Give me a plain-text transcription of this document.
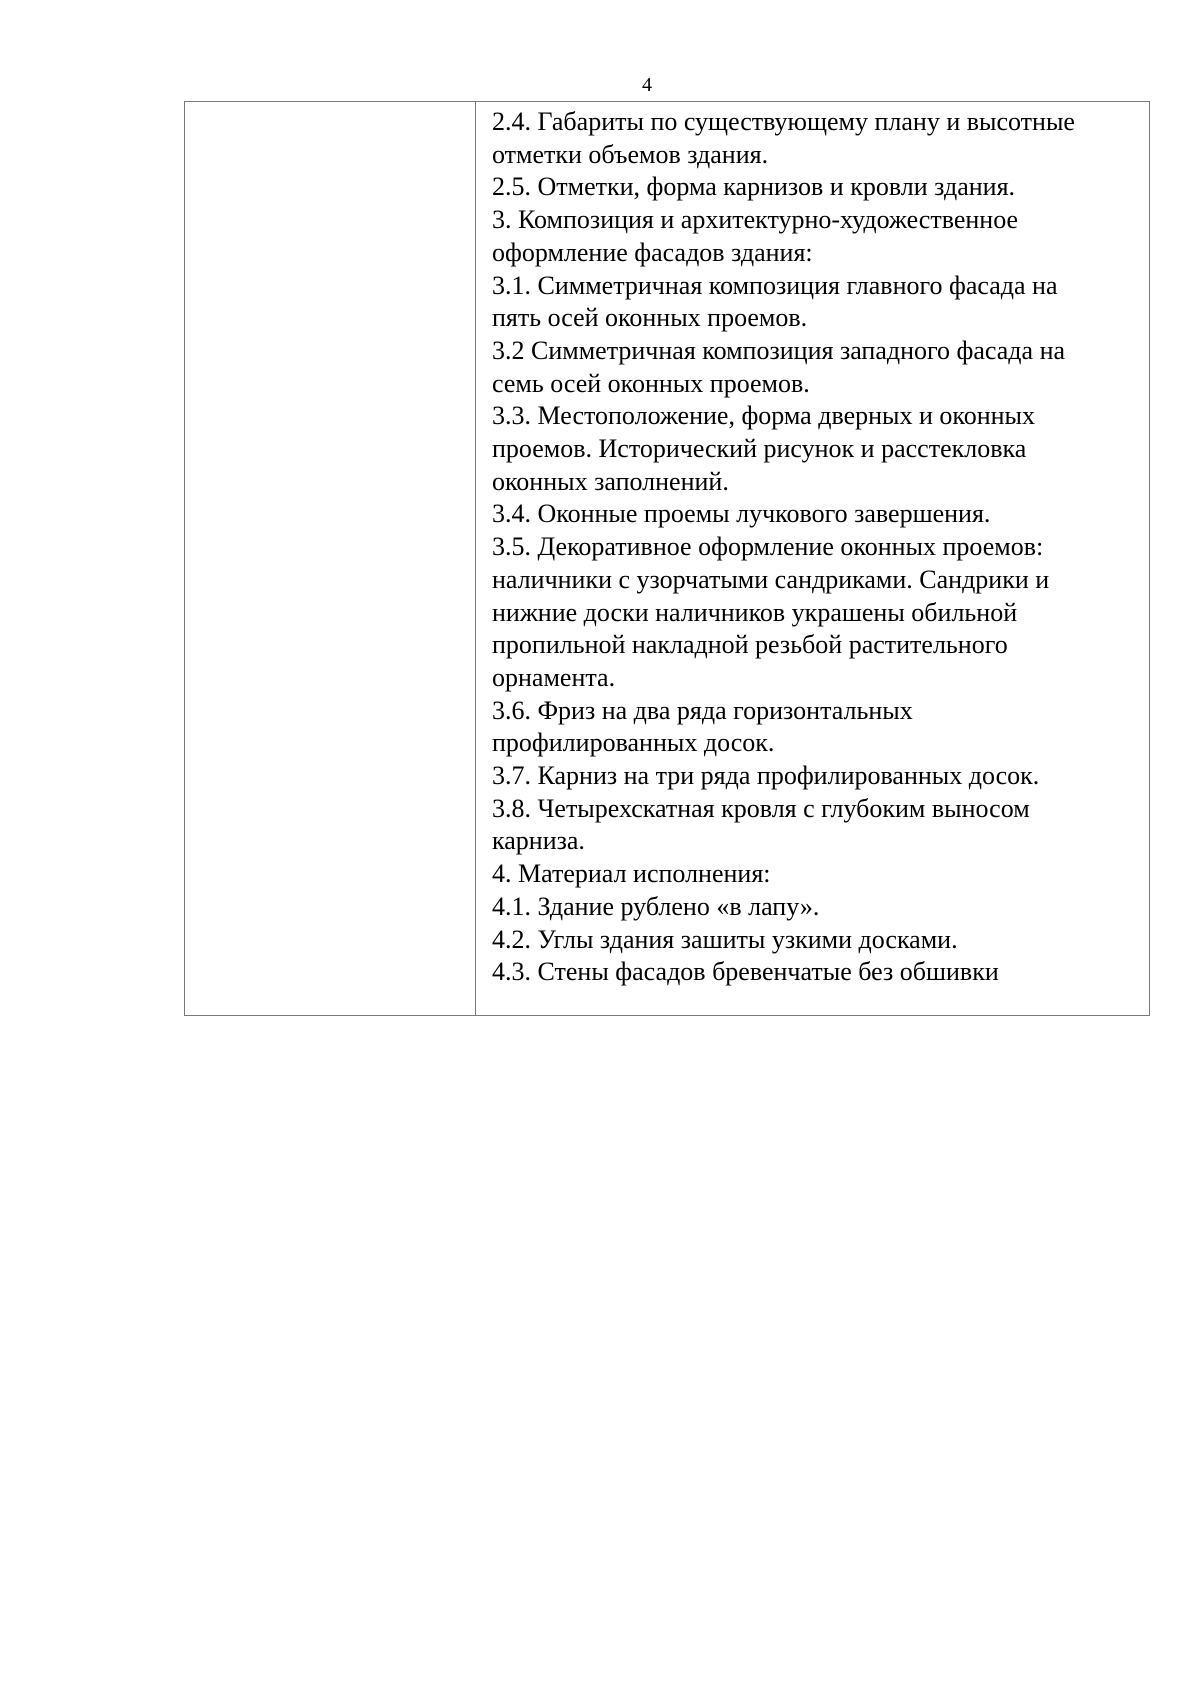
4

2.4. Габариты по существующему плану и высотные
отметки объемов здания.
2.5. Отметки, форма карнизов и кровли здания.
3. Композиция и архитектурно-художественное
оформление фасадов здания:
3.1. Симметричная композиция главного фасада на
пять осей оконных проемов.
3.2 Симметричная композиция западного фасада на
семь осей оконных проемов.
3.3. Местоположение, форма дверных и оконных
проемов. Исторический рисунок и расстекловка
оконных заполнений.
3.4. Оконные проемы лучкового завершения.
3.5. Декоративное оформление оконных проемов:
наличники с узорчатыми сандриками. Сандрики и
нижние доски наличников украшены обильной
пропильной накладной резьбой растительного
орнамента.
3.6. Фриз на два ряда горизонтальных
профилированных досок.
3.7. Карниз на три ряда профилированных досок.
3.8. Четырехскатная кровля с глубоким выносом
карниза.
4. Материал исполнения:
4.1. Здание рублено «в лапу».
4.2. Углы здания зашиты узкими досками.
4.3. Стены фасадов бревенчатые без обшивки
